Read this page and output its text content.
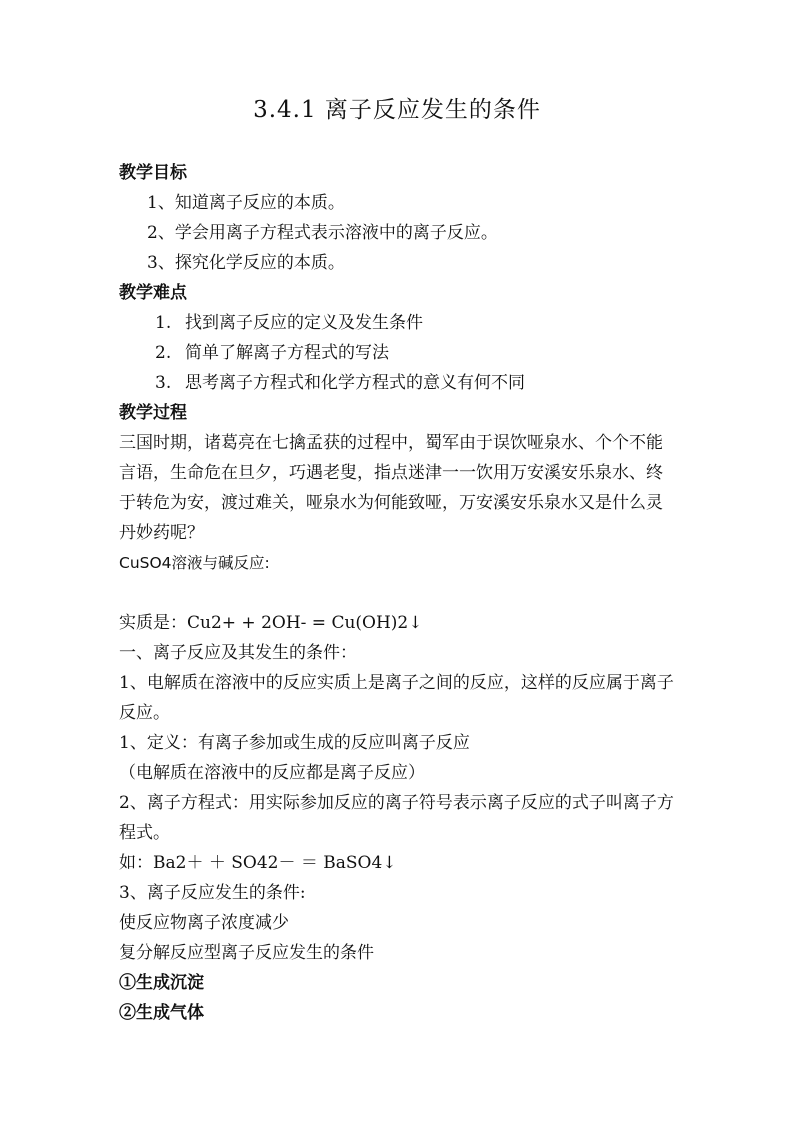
3.4.1 离子反应发生的条件
教学目标
1、知道离子反应的本质。
2、学会用离子方程式表示溶液中的离子反应。
3、探究化学反应的本质。
教学难点
1. 找到离子反应的定义及发生条件
2. 简单了解离子方程式的写法
3. 思考离子方程式和化学方程式的意义有何不同
教学过程
三国时期，诸葛亮在七擒孟获的过程中，蜀军由于误饮哑泉水、个个不能言语，生命危在旦夕，巧遇老叟，指点迷津一一饮用万安溪安乐泉水、终于转危为安，渡过难关，哑泉水为何能致哑，万安溪安乐泉水又是什么灵丹妙药呢？
CuSO4溶液与碱反应:
实质是：Cu2+ + 2OH- = Cu(OH)2↓
一、离子反应及其发生的条件：
1、电解质在溶液中的反应实质上是离子之间的反应，这样的反应属于离子反应。
1、定义：有离子参加或生成的反应叫离子反应
（电解质在溶液中的反应都是离子反应）
2、离子方程式：用实际参加反应的离子符号表示离子反应的式子叫离子方程式。
如：Ba2＋ ＋ SO42－ ＝ BaSO4↓
3、离子反应发生的条件:
使反应物离子浓度减少
复分解反应型离子反应发生的条件
①生成沉淀
②生成气体
